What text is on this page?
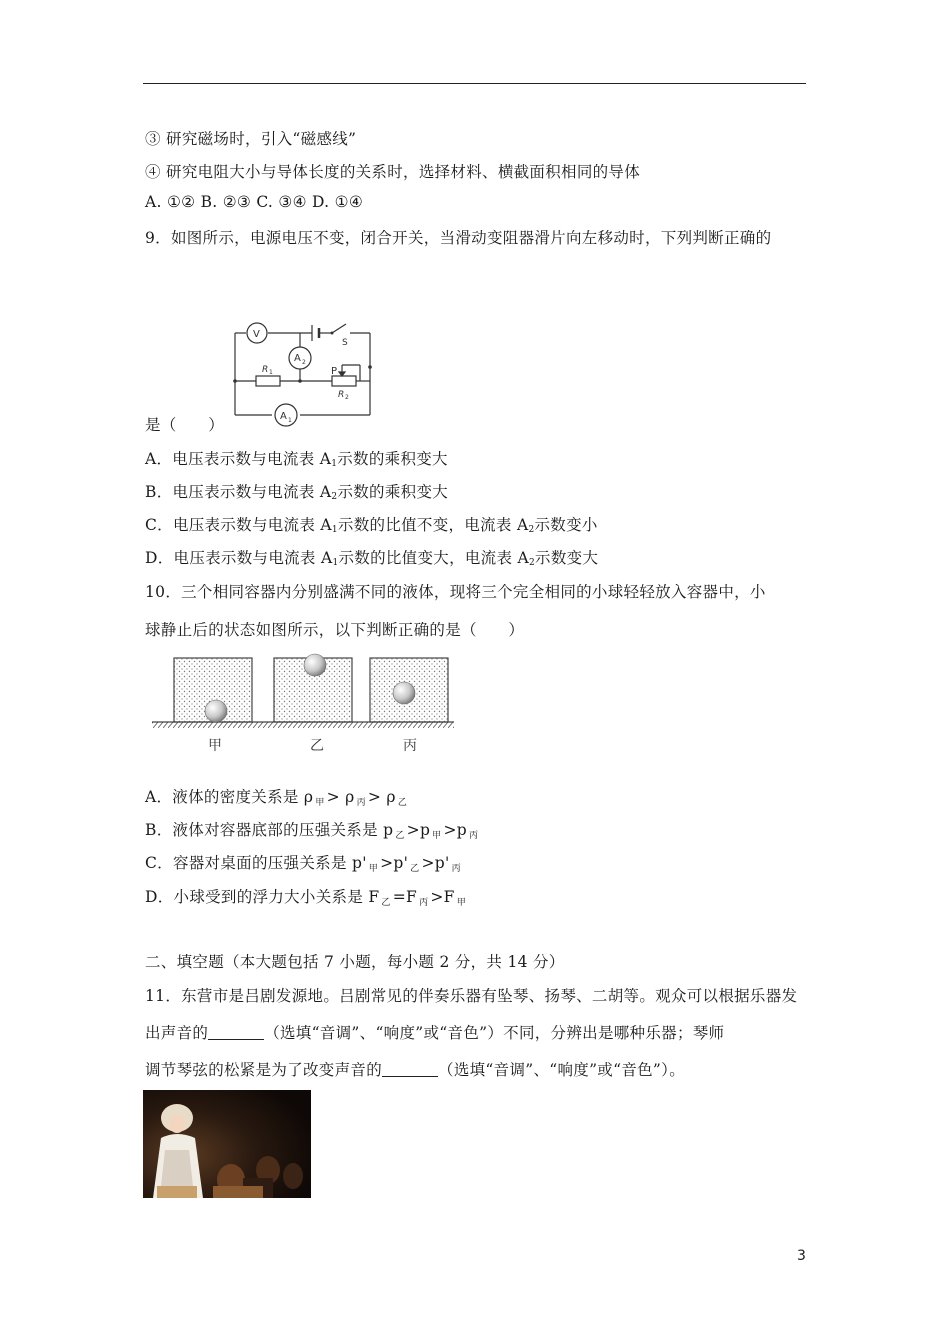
③ 研究磁场时，引入“磁感线”
④ 研究电阻大小与导体长度的关系时，选择材料、横截面积相同的导体
A. ①② B. ②③ C. ③④ D. ①④
9．如图所示，电源电压不变，闭合开关，当滑动变阻器滑片向左移动时，下列判断正确的
V
A 2
A 1
S
P
R 1
R 2
是（　　）
A．电压表示数与电流表 $A_1$示数的乘积变大
B．电压表示数与电流表 $A_2$示数的乘积变大
C．电压表示数与电流表 $A_1$示数的比值不变，电流表 $A_2$示数变小
D．电压表示数与电流表 $A_1$示数的比值变大，电流表 $A_2$示数变大
10．三个相同容器内分别盛满不同的液体，现将三个完全相同的小球轻轻放入容器中，小
球静止后的状态如图所示，以下判断正确的是（　　）
甲	乙	丙
A．液体的密度关系是 ρ 甲 > ρ 丙 > ρ 乙
B．液体对容器底部的压强关系是 p 乙 >p 甲 >p 丙
C．容器对桌面的压强关系是 p' 甲 >p' 乙 >p' 丙
D．小球受到的浮力大小关系是 F 乙 =F 丙 >F 甲
二、填空题（本大题包括 7 小题，每小题 2 分，共 14 分）
11．东营市是吕剧发源地。吕剧常见的伴奏乐器有坠琴、扬琴、二胡等。观众可以根据乐器发
出声音的	（选填“音调”、“响度”或“音色”）不同，分辨出是哪种乐器；琴师
调节琴弦的松紧是为了改变声音的	（选填“音调”、“响度”或“音色”）。
3
